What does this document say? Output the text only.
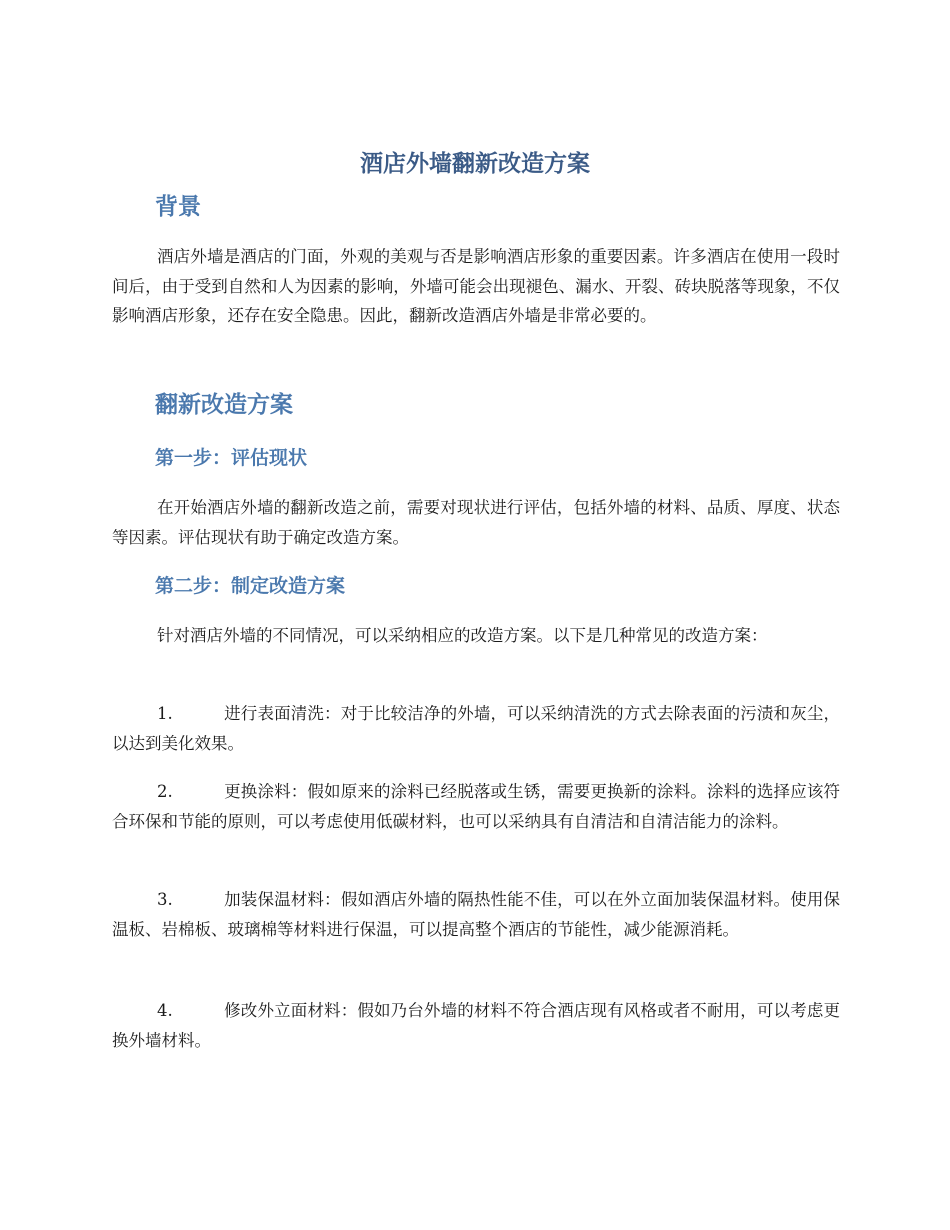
酒店外墙翻新改造方案
背景

酒店外墙是酒店的门面，外观的美观与否是影响酒店形象的重要因素。许多酒店在使用一段时间后，由于受到自然和人为因素的影响，外墙可能会出现褪色、漏水、开裂、砖块脱落等现象，不仅影响酒店形象，还存在安全隐患。因此，翻新改造酒店外墙是非常必要的。

翻新改造方案
第一步：评估现状

在开始酒店外墙的翻新改造之前，需要对现状进行评估，包括外墙的材料、品质、厚度、状态等因素。评估现状有助于确定改造方案。

第二步：制定改造方案

针对酒店外墙的不同情况，可以采纳相应的改造方案。以下是几种常见的改造方案：

1.	进行表面清洗：对于比较洁净的外墙，可以采纳清洗的方式去除表面的污渍和灰尘，以达到美化效果。

2.	更换涂料：假如原来的涂料已经脱落或生锈，需要更换新的涂料。涂料的选择应该符合环保和节能的原则，可以考虑使用低碳材料，也可以采纳具有自清洁和自清洁能力的涂料。

3.	加装保温材料：假如酒店外墙的隔热性能不佳，可以在外立面加装保温材料。使用保温板、岩棉板、玻璃棉等材料进行保温，可以提高整个酒店的节能性，减少能源消耗。

4.	修改外立面材料：假如乃台外墙的材料不符合酒店现有风格或者不耐用，可以考虑更换外墙材料。
